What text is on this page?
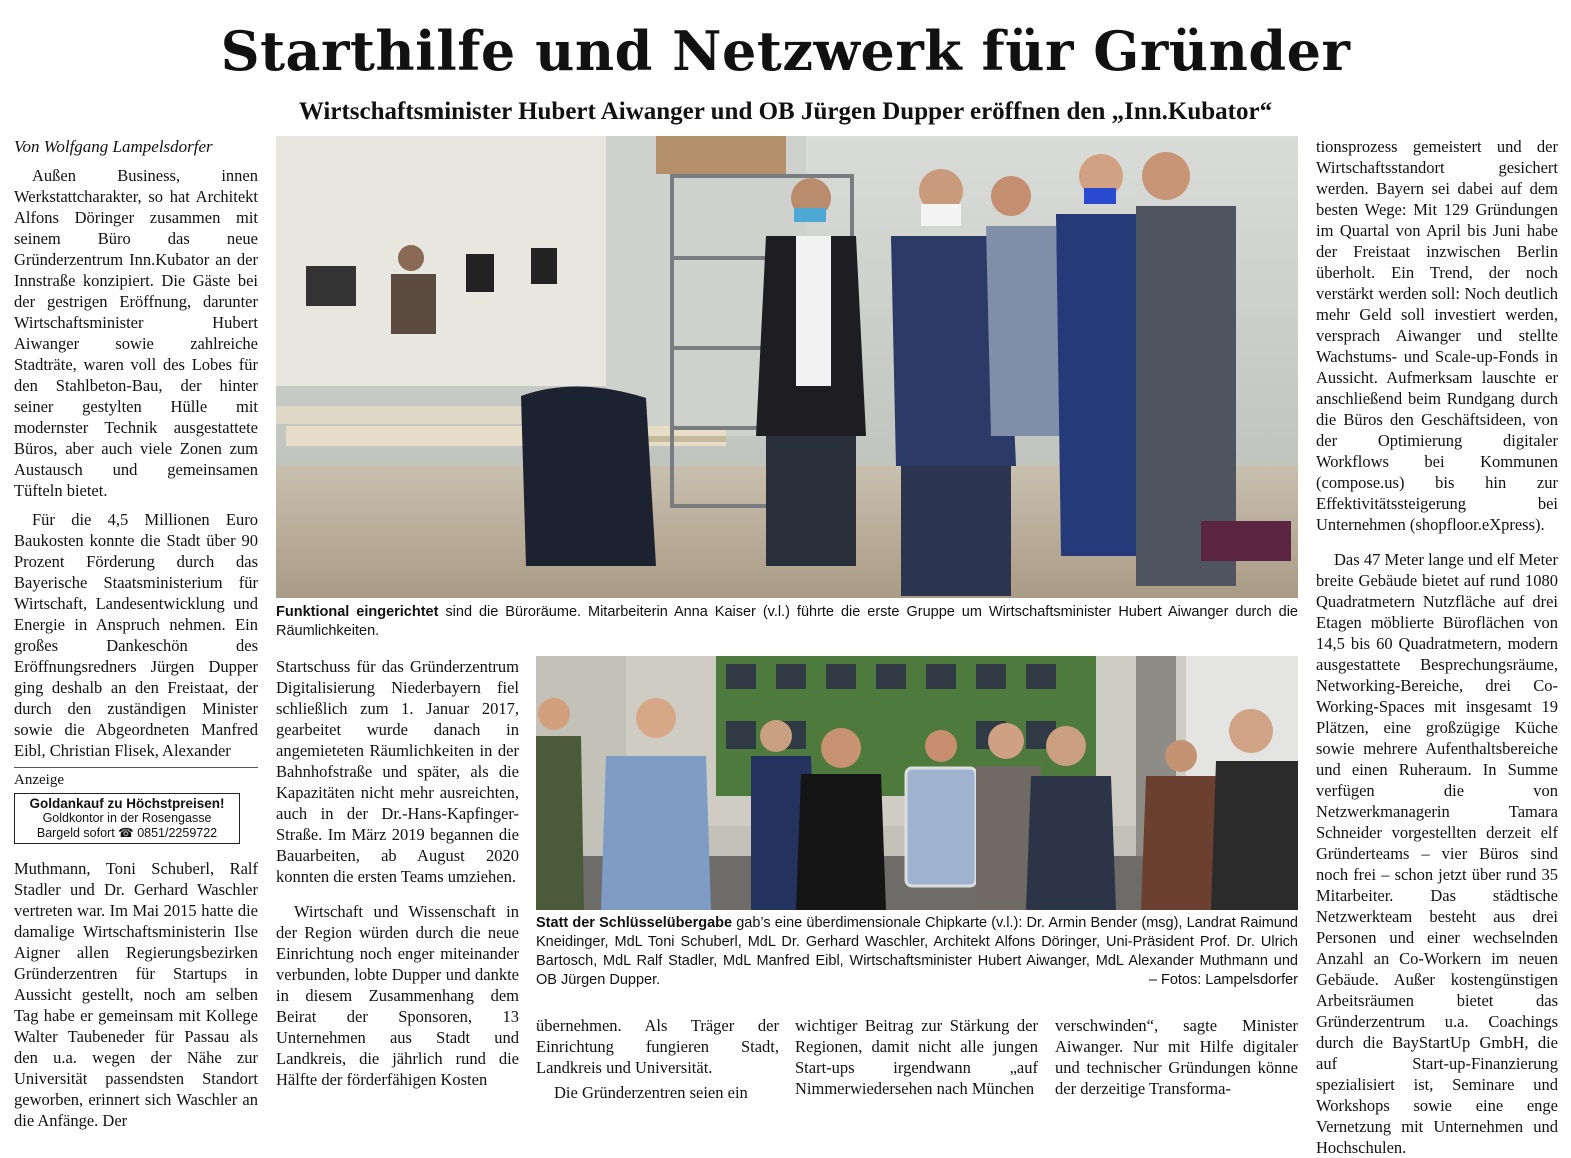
Starthilfe und Netzwerk für Gründer
Wirtschaftsminister Hubert Aiwanger und OB Jürgen Dupper eröffnen den „Inn.Kubator“

Von Wolfgang Lampelsdorfer

Außen Business, innen Werkstattcharakter, so hat Architekt Alfons Döringer zusammen mit seinem Büro das neue Gründerzentrum Inn.Kubator an der Innstraße konzipiert. Die Gäste bei der gestrigen Eröffnung, darunter Wirtschaftsminister Hubert Aiwanger sowie zahlreiche Stadträte, waren voll des Lobes für den Stahlbeton-Bau, der hinter seiner gestylten Hülle mit modernster Technik ausgestattete Büros, aber auch viele Zonen zum Austausch und gemeinsamen Tüfteln bietet.

Für die 4,5 Millionen Euro Baukosten konnte die Stadt über 90 Prozent Förderung durch das Bayerische Staatsministerium für Wirtschaft, Landesentwicklung und Energie in Anspruch nehmen. Ein großes Dankeschön des Eröffnungsredners Jürgen Dupper ging deshalb an den Freistaat, der durch den zuständigen Minister sowie die Abgeordneten Manfred Eibl, Christian Flisek, Alexander

Anzeige
Goldankauf zu Höchstpreisen!
Goldkontor in der Rosengasse
Bargeld sofort ☎ 0851/2259722

Muthmann, Toni Schuberl, Ralf Stadler und Dr. Gerhard Waschler vertreten war. Im Mai 2015 hatte die damalige Wirtschaftsministerin Ilse Aigner allen Regierungsbezirken Gründerzentren für Startups in Aussicht gestellt, noch am selben Tag habe er gemeinsam mit Kollege Walter Taubeneder für Passau als den u.a. wegen der Nähe zur Universität passendsten Standort geworben, erinnert sich Waschler an die Anfänge. Der

Funktional eingerichtet sind die Büroräume. Mitarbeiterin Anna Kaiser (v.l.) führte die erste Gruppe um Wirtschaftsminister Hubert Aiwanger durch die Räumlichkeiten.

Startschuss für das Gründerzentrum Digitalisierung Niederbayern fiel schließlich zum 1. Januar 2017, gearbeitet wurde danach in angemieteten Räumlichkeiten in der Bahnhofstraße und später, als die Kapazitäten nicht mehr ausreichten, auch in der Dr.-Hans-Kapfinger-Straße. Im März 2019 begannen die Bauarbeiten, ab August 2020 konnten die ersten Teams umziehen.

Wirtschaft und Wissenschaft in der Region würden durch die neue Einrichtung noch enger miteinander verbunden, lobte Dupper und dankte in diesem Zusammenhang dem Beirat der Sponsoren, 13 Unternehmen aus Stadt und Landkreis, die jährlich rund die Hälfte der förderfähigen Kosten

Statt der Schlüsselübergabe gab’s eine überdimensionale Chipkarte (v.l.): Dr. Armin Bender (msg), Landrat Raimund Kneidinger, MdL Toni Schuberl, MdL Dr. Gerhard Waschler, Architekt Alfons Döringer, Uni-Präsident Prof. Dr. Ulrich Bartosch, MdL Ralf Stadler, MdL Manfred Eibl, Wirtschaftsminister Hubert Aiwanger, MdL Alexander Muthmann und OB Jürgen Dupper.	– Fotos: Lampelsdorfer

übernehmen. Als Träger der Einrichtung fungieren Stadt, Landkreis und Universität.

Die Gründerzentren seien ein

wichtiger Beitrag zur Stärkung der Regionen, damit nicht alle jungen Start-ups irgendwann „auf Nimmerwiedersehen nach München

verschwinden“, sagte Minister Aiwanger. Nur mit Hilfe digitaler und technischer Gründungen könne der derzeitige Transforma-

tionsprozess gemeistert und der Wirtschaftsstandort gesichert werden. Bayern sei dabei auf dem besten Wege: Mit 129 Gründungen im Quartal von April bis Juni habe der Freistaat inzwischen Berlin überholt. Ein Trend, der noch verstärkt werden soll: Noch deutlich mehr Geld soll investiert werden, versprach Aiwanger und stellte Wachstums- und Scale-up-Fonds in Aussicht. Aufmerksam lauschte er anschließend beim Rundgang durch die Büros den Geschäftsideen, von der Optimierung digitaler Workflows bei Kommunen (compose.us) bis hin zur Effektivitätssteigerung bei Unternehmen (shopfloor.eXpress).

Das 47 Meter lange und elf Meter breite Gebäude bietet auf rund 1080 Quadratmetern Nutzfläche auf drei Etagen möblierte Büroflächen von 14,5 bis 60 Quadratmetern, modern ausgestattete Besprechungsräume, Networking-Bereiche, drei Co-Working-Spaces mit insgesamt 19 Plätzen, eine großzügige Küche sowie mehrere Aufenthaltsbereiche und einen Ruheraum. In Summe verfügen die von Netzwerkmanagerin Tamara Schneider vorgestellten derzeit elf Gründerteams – vier Büros sind noch frei – schon jetzt über rund 35 Mitarbeiter. Das städtische Netzwerkteam besteht aus drei Personen und einer wechselnden Anzahl an Co-Workern im neuen Gebäude. Außer kostengünstigen Arbeitsräumen bietet das Gründerzentrum u.a. Coachings durch die BayStartUp GmbH, die auf Start-up-Finanzierung spezialisiert ist, Seminare und Workshops sowie eine enge Vernetzung mit Unternehmen und Hochschulen.
